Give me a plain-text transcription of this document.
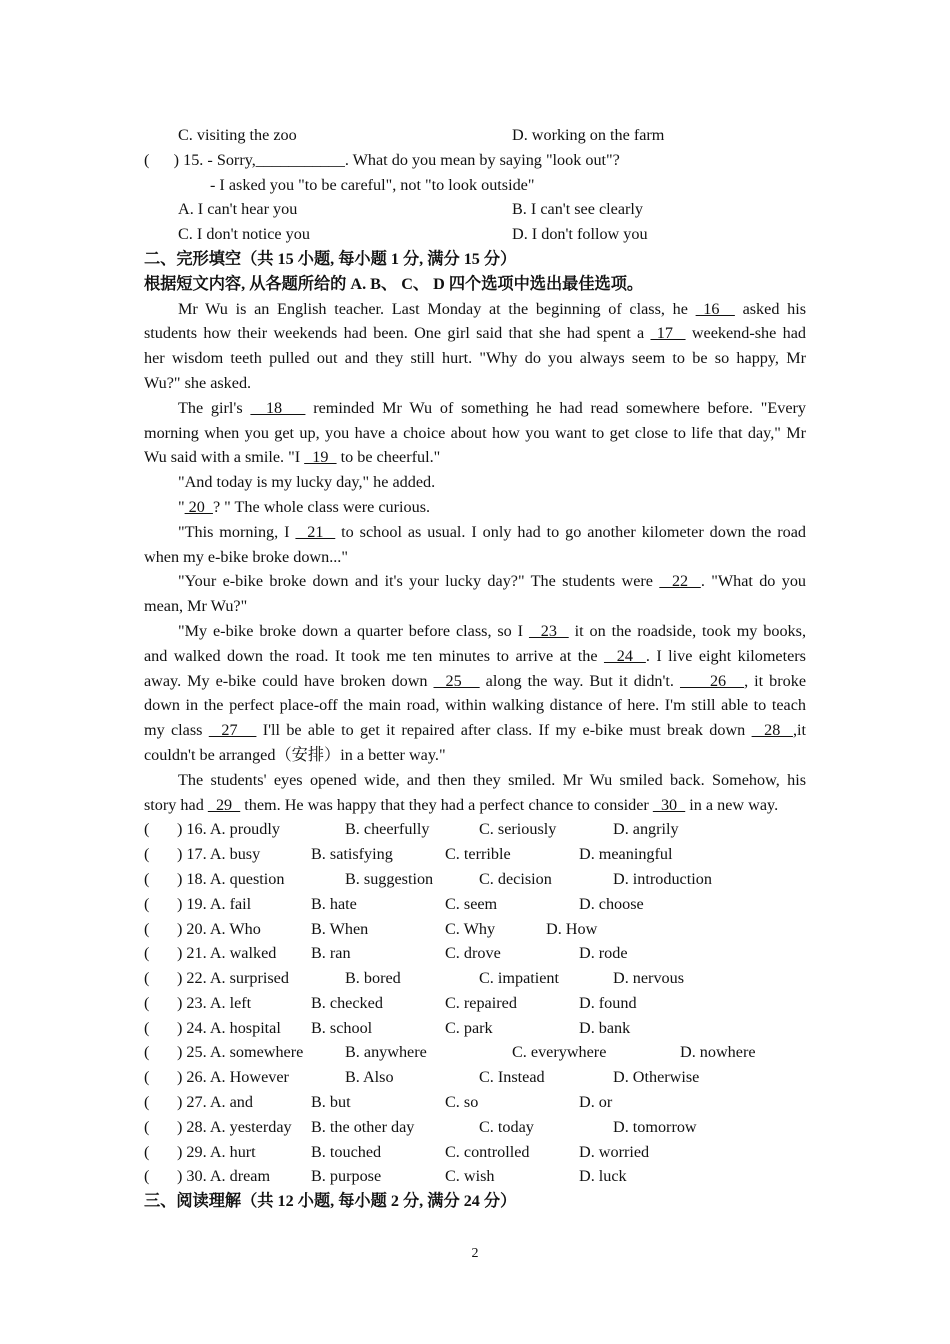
C. visiting the zoo	D. working on the farm
(      ) 15. - Sorry,___________. What do you mean by saying "look out"?
- I asked you "to be careful", not "to look outside"
A. I can't hear you	B. I can't see clearly
C. I don't notice you	D. I don't follow you
二、完形填空（共 15 小题, 每小题 1 分, 满分 15 分）
根据短文内容, 从各题所给的 A. B、 C、 D 四个选项中选出最佳选项。
Mr Wu is an English teacher. Last Monday at the beginning of class, he  16   asked his
students how their weekends had been. One girl said that she had spent a  17   weekend-she had
her wisdom teeth pulled out and they still hurt. "Why do you always seem to be so happy, Mr
Wu?" she asked.
The girl's   18    reminded Mr Wu of something he had read somewhere before. "Every
morning when you get up, you have a choice about how you want to get close to life that day," Mr
Wu said with a smile. "I   19   to be cheerful."
"And today is my lucky day," he added.
" 20  ? " The whole class were curious.
"This morning, I   21   to school as usual. I only had to go another kilometer down the road
when my e-bike broke down..."
"Your e-bike broke down and it's your lucky day?" The students were   22  . "What do you
mean, Mr Wu?"
"My e-bike broke down a quarter before class, so I   23   it on the roadside, took my books,
and walked down the road. It took me ten minutes to arrive at the   24  . I live eight kilometers
away. My e-bike could have broken down   25    along the way. But it didn't.      26   , it broke
down in the perfect place-off the main road, within walking distance of here. I'm still able to teach
my class   27    I'll be able to get it repaired after class. If my e-bike must break down   28  ,it
couldn't be arranged（安排）in a better way."
The students' eyes opened wide, and then they smiled. Mr Wu smiled back. Somehow, his
story had   29   them. He was happy that they had a perfect chance to consider   30   in a new way.
( ) 16. A. proudly	B. cheerfully	C. seriously	D. angrily
( ) 17. A. busy	B. satisfying	C. terrible	D. meaningful
( ) 18. A. question	B. suggestion	C. decision	D. introduction
( ) 19. A. fail	B. hate	C. seem	D. choose
( ) 20. A. Who	B. When	C. Why	D. How
( ) 21. A. walked B. ran	C. drove	D. rode
( ) 22. A. surprised	B. bored	C. impatient	D. nervous
( ) 23. A. left	B. checked	C. repaired	D. found
( ) 24. A. hospital B. school	C. park	D. bank
( ) 25. A. somewhere	B. anywhere	C. everywhere	D. nowhere
( ) 26. A. However	B. Also	C. Instead	D. Otherwise
( ) 27. A. and	B. but	C. so	D. or
( ) 28. A. yesterday B. the other day	C. today	D. tomorrow
( ) 29. A. hurt	B. touched	C. controlled	D. worried
( ) 30. A. dream	B. purpose	C. wish	D. luck
三、阅读理解（共 12 小题, 每小题 2 分, 满分 24 分）
2
